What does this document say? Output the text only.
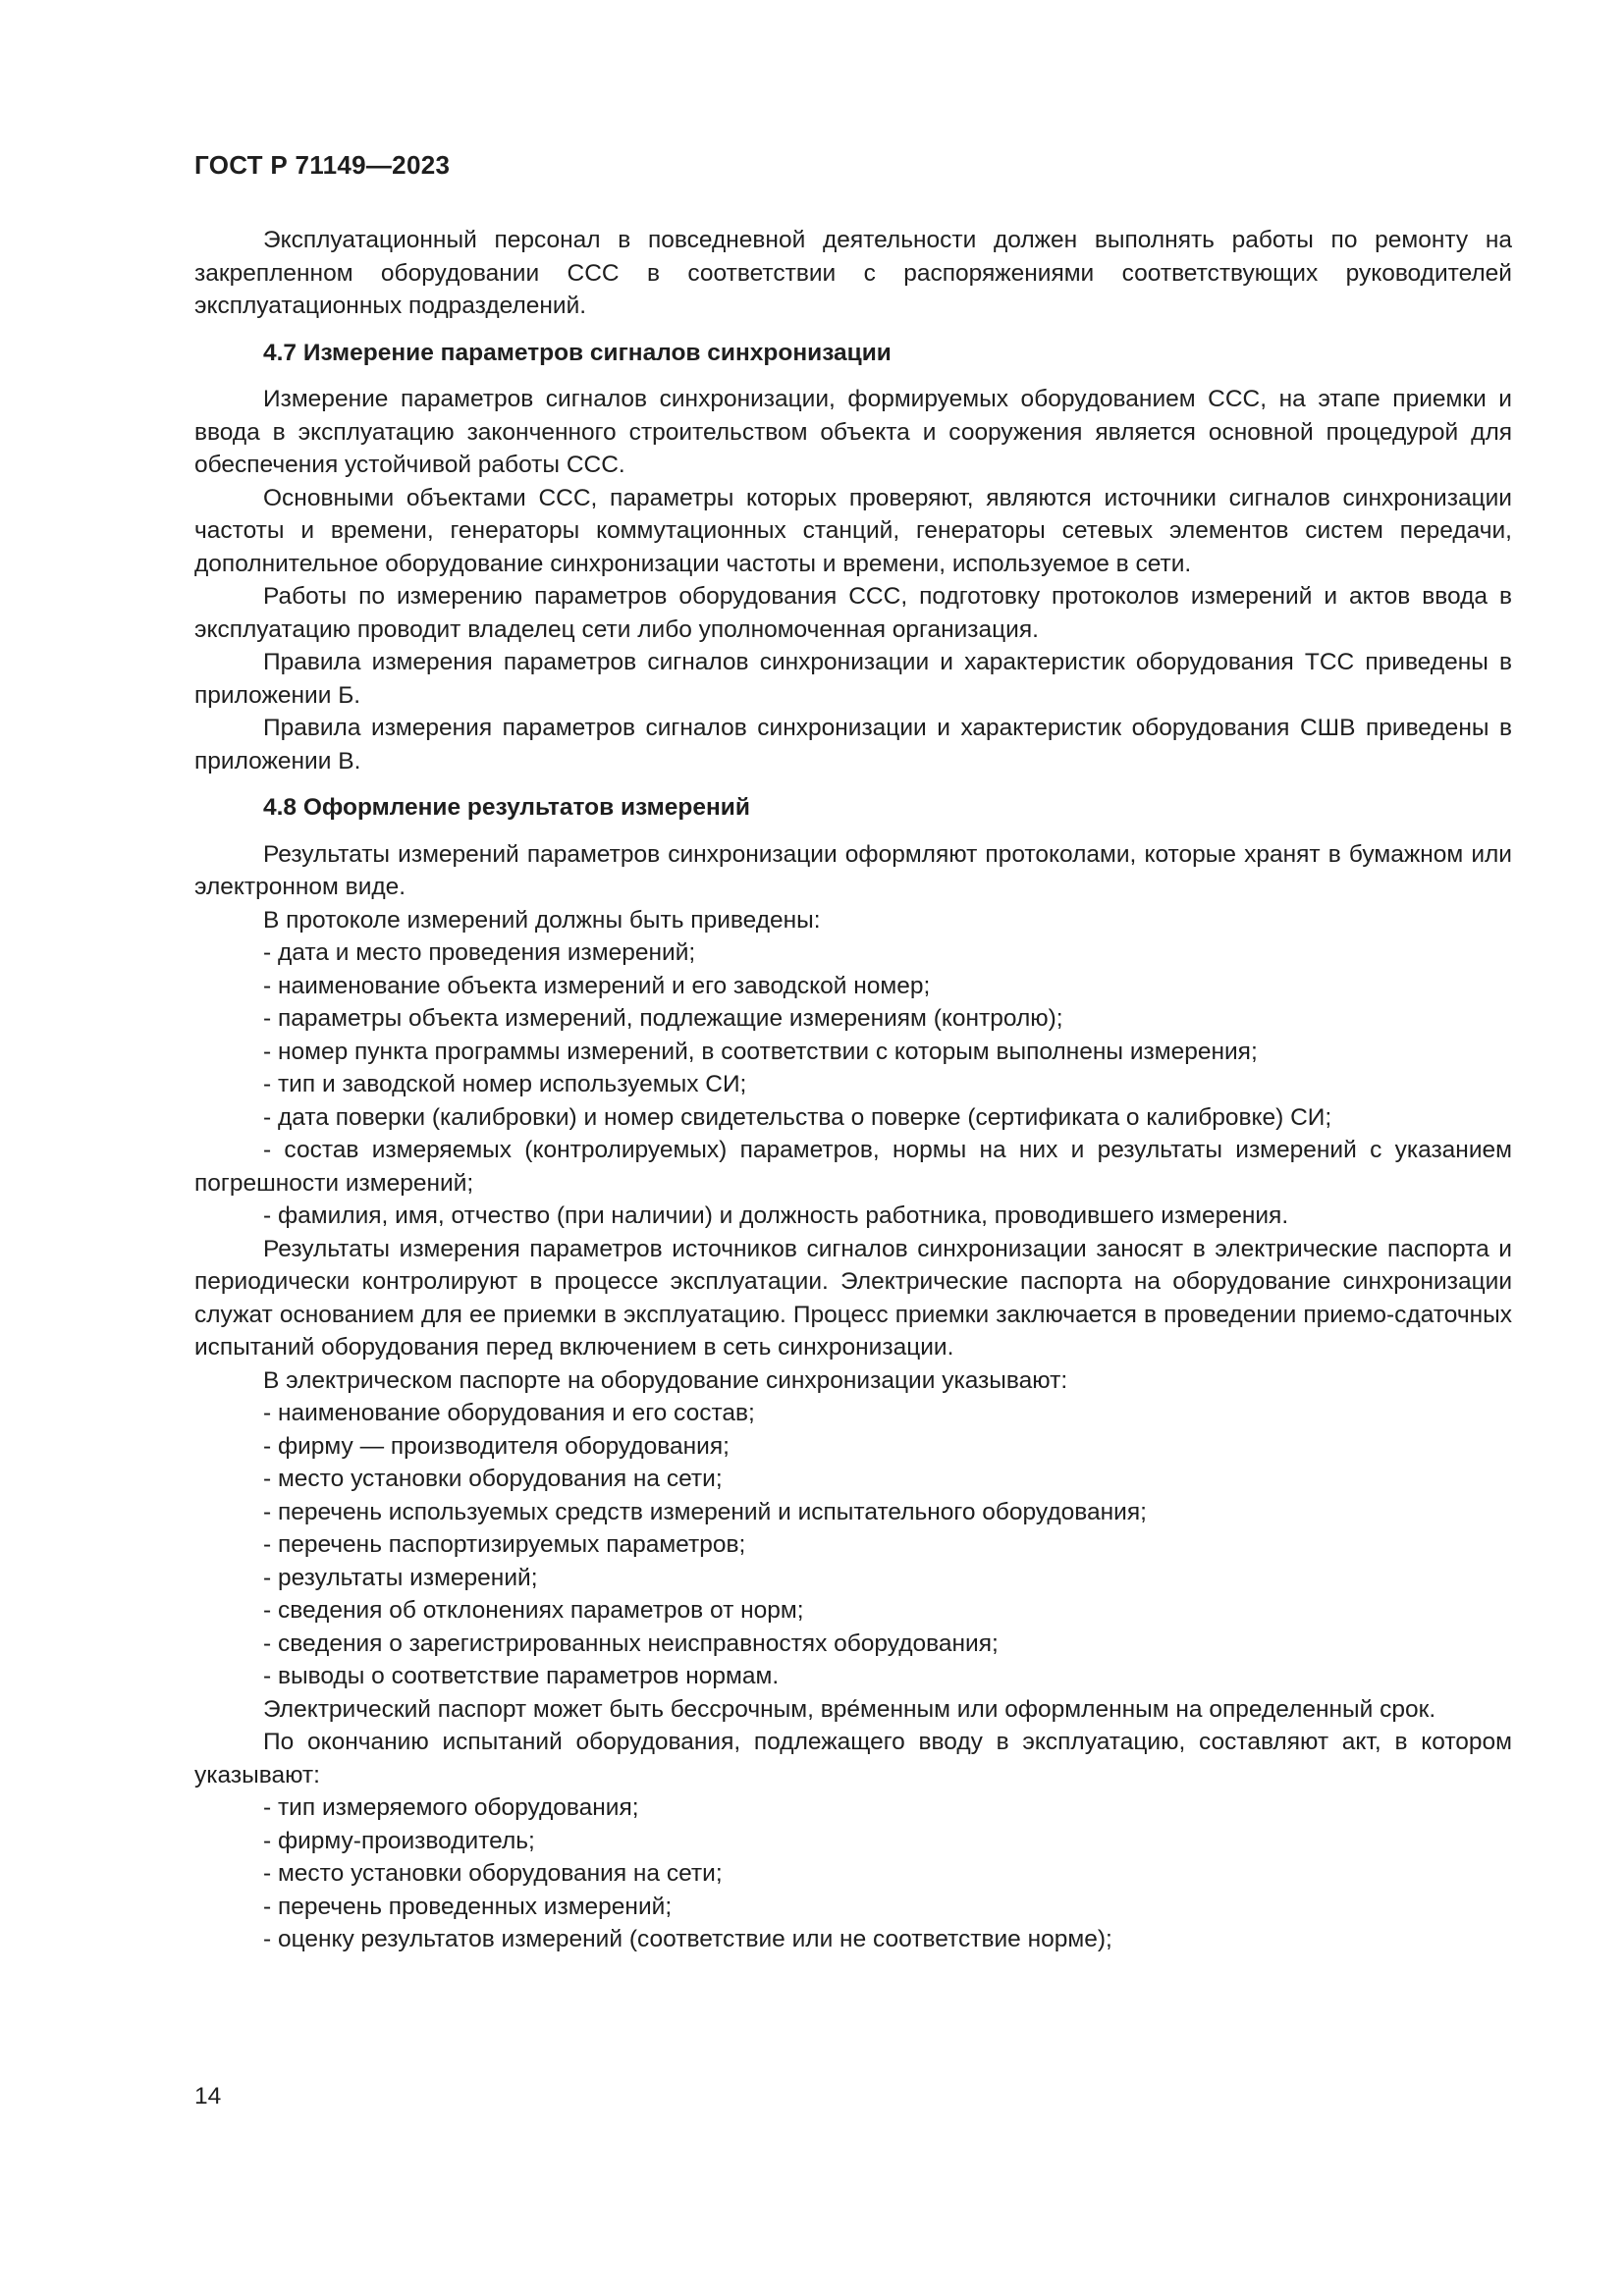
ГОСТ Р 71149—2023

Эксплуатационный персонал в повседневной деятельности должен выполнять работы по ремонту на закрепленном оборудовании ССС в соответствии с распоряжениями соответствующих руководителей эксплуатационных подразделений.

4.7 Измерение параметров сигналов синхронизации

Измерение параметров сигналов синхронизации, формируемых оборудованием ССС, на этапе приемки и ввода в эксплуатацию законченного строительством объекта и сооружения является основной процедурой для обеспечения устойчивой работы ССС.

Основными объектами ССС, параметры которых проверяют, являются источники сигналов синхронизации частоты и времени, генераторы коммутационных станций, генераторы сетевых элементов систем передачи, дополнительное оборудование синхронизации частоты и времени, используемое в сети.

Работы по измерению параметров оборудования ССС, подготовку протоколов измерений и актов ввода в эксплуатацию проводит владелец сети либо уполномоченная организация.

Правила измерения параметров сигналов синхронизации и характеристик оборудования ТСС приведены в приложении Б.

Правила измерения параметров сигналов синхронизации и характеристик оборудования СШВ приведены в приложении В.

4.8 Оформление результатов измерений

Результаты измерений параметров синхронизации оформляют протоколами, которые хранят в бумажном или электронном виде.

В протоколе измерений должны быть приведены:

- дата и место проведения измерений;

- наименование объекта измерений и его заводской номер;

- параметры объекта измерений, подлежащие измерениям (контролю);

- номер пункта программы измерений, в соответствии с которым выполнены измерения;

- тип и заводской номер используемых СИ;

- дата поверки (калибровки) и номер свидетельства о поверке (сертификата о калибровке) СИ;

- состав измеряемых (контролируемых) параметров, нормы на них и результаты измерений с указанием погрешности измерений;

- фамилия, имя, отчество (при наличии) и должность работника, проводившего измерения.

Результаты измерения параметров источников сигналов синхронизации заносят в электрические паспорта и периодически контролируют в процессе эксплуатации. Электрические паспорта на оборудование синхронизации служат основанием для ее приемки в эксплуатацию. Процесс приемки заключается в проведении приемо-сдаточных испытаний оборудования перед включением в сеть синхронизации.

В электрическом паспорте на оборудование синхронизации указывают:

- наименование оборудования и его состав;

- фирму — производителя оборудования;

- место установки оборудования на сети;

- перечень используемых средств измерений и испытательного оборудования;

- перечень паспортизируемых параметров;

- результаты измерений;

- сведения об отклонениях параметров от норм;

- сведения о зарегистрированных неисправностях оборудования;

- выводы о соответствие параметров нормам.

Электрический паспорт может быть бессрочным, вре́менным или оформленным на определенный срок.

По окончанию испытаний оборудования, подлежащего вводу в эксплуатацию, составляют акт, в котором указывают:

- тип измеряемого оборудования;

- фирму-производитель;

- место установки оборудования на сети;

- перечень проведенных измерений;

- оценку результатов измерений (соответствие или не соответствие норме);

14
